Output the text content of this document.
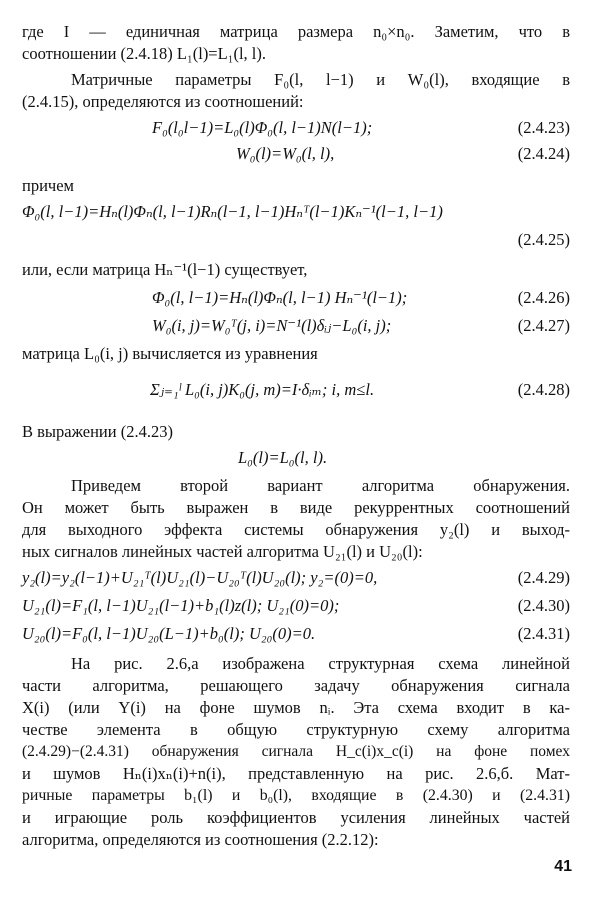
где I — единичная матрица размера n₀×n₀. Заметим, что в
соотношении (2.4.18) L₁(l)=L₁(l, l).
Матричные параметры F₀(l, l−1) и W₀(l), входящие в
(2.4.15), определяются из соотношений:
F₀(l₀l−1)=L₀(l)Φ₀(l, l−1)N(l−1);	(2.4.23)
W₀(l)=W₀(l, l),	(2.4.24)
причем
Φ₀(l, l−1)=Hₙ(l)Φₙ(l, l−1)Rₙ(l−1, l−1)Hₙᵀ(l−1)Kₙ⁻¹(l−1, l−1)
(2.4.25)
или, если матрица Hₙ⁻¹(l−1) существует,
Φ₀(l, l−1)=Hₙ(l)Φₙ(l, l−1) Hₙ⁻¹(l−1);	(2.4.26)
W₀(i, j)=W₀ᵀ(j, i)=N⁻¹(l)δᵢⱼ−L₀(i, j);	(2.4.27)
матрица L₀(i, j) вычисляется из уравнения
Σⱼ₌₁ˡ L₀(i, j)K₀(j, m)=I·δᵢₘ; i, m≤l.	(2.4.28)
В выражении (2.4.23)
L₀(l)=L₀(l, l).
Приведем второй вариант алгоритма обнаружения.
Он может быть выражен в виде рекуррентных соотношений
для выходного эффекта системы обнаружения y₂(l) и выход-
ных сигналов линейных частей алгоритма U₂₁(l) и U₂₀(l):
y₂(l)=y₂(l−1)+U₂₁ᵀ(l)U₂₁(l)−U₂₀ᵀ(l)U₂₀(l); y₂=(0)=0,	(2.4.29)
U₂₁(l)=F₁(l, l−1)U₂₁(l−1)+b₁(l)z(l); U₂₁(0)=0);	(2.4.30)
U₂₀(l)=F₀(l, l−1)U₂₀(L−1)+b₀(l); U₂₀(0)=0.	(2.4.31)
На рис. 2.6,а изображена структурная схема линейной
части алгоритма, решающего задачу обнаружения сигнала
X(i) (или Y(i) на фоне шумов nᵢ. Эта схема входит в ка-
честве элемента в общую структурную схему алгоритма
(2.4.29)−(2.4.31) обнаружения сигнала H_c(i)x_c(i) на фоне помех
и шумов Hₙ(i)xₙ(i)+n(i), представленную на рис. 2.6,б. Мат-
ричные параметры b₁(l) и b₀(l), входящие в (2.4.30) и (2.4.31)
и играющие роль коэффициентов усиления линейных частей
алгоритма, определяются из соотношения (2.2.12):
41
